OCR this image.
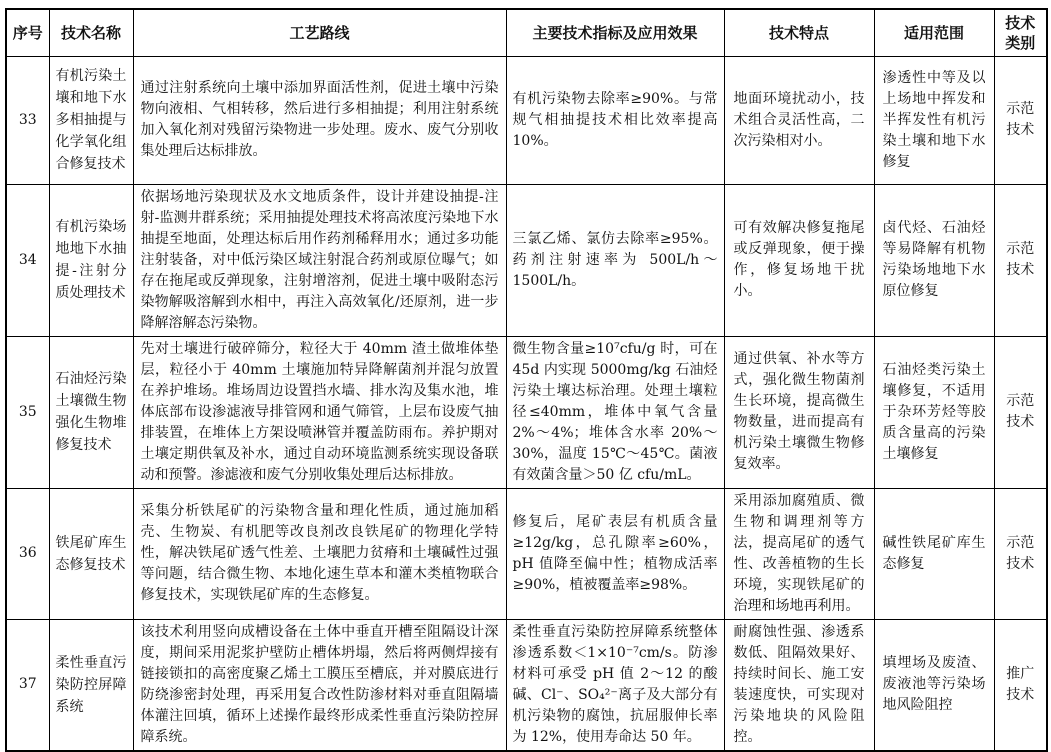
序号	技术名称	工艺路线	主要技术指标及应用效果	技术特点	适用范围	技术类别
33	有机污染土壤和地下水多相抽提与化学氧化组合修复技术	通过注射系统向土壤中添加界面活性剂，促进土壤中污染物向液相、气相转移，然后进行多相抽提；利用注射系统加入氧化剂对残留污染物进一步处理。废水、废气分别收集处理后达标排放。	有机污染物去除率≥90%。与常规气相抽提技术相比效率提高 10%。	地面环境扰动小，技术组合灵活性高，二次污染相对小。	渗透性中等及以上场地中挥发和半挥发性有机污染土壤和地下水修复	示范技术
34	有机污染场地地下水抽提-注射分质处理技术	依据场地污染现状及水文地质条件，设计并建设抽提-注射-监测井群系统；采用抽提处理技术将高浓度污染地下水抽提至地面，处理达标后用作药剂稀释用水；通过多功能注射装备，对中低污染区域注射混合药剂或原位曝气；如存在拖尾或反弹现象，注射增溶剂，促进土壤中吸附态污染物解吸溶解到水相中，再注入高效氧化/还原剂，进一步降解溶解态污染物。	三氯乙烯、氯仿去除率≥95%。药剂注射速率为 500L/h～1500L/h。	可有效解决修复拖尾或反弹现象，便于操作，修复场地干扰小。	卤代烃、石油烃等易降解有机物污染场地地下水原位修复	示范技术
35	石油烃污染土壤微生物强化生物堆修复技术	先对土壤进行破碎筛分，粒径大于 40mm 渣土做堆体垫层，粒径小于 40mm 土壤施加特异降解菌剂并混匀放置在养护堆场。堆场周边设置挡水墙、排水沟及集水池，堆体底部布设渗滤液导排管网和通气筛管，上层布设废气抽排装置，在堆体上方架设喷淋管并覆盖防雨布。养护期对土壤定期供氧及补水，通过自动环境监测系统实现设备联动和预警。渗滤液和废气分别收集处理后达标排放。	微生物含量≥10⁷cfu/g 时，可在 45d 内实现 5000mg/kg 石油烃污染土壤达标治理。处理土壤粒径≤40mm，堆体中氧气含量 2%～4%；堆体含水率 20%～30%，温度 15℃～45℃。菌液有效菌含量＞50 亿 cfu/mL。	通过供氧、补水等方式，强化微生物菌剂生长环境，提高微生物数量，进而提高有机污染土壤微生物修复效率。	石油烃类污染土壤修复，不适用于杂环芳烃等胶质含量高的污染土壤修复	示范技术
36	铁尾矿库生态修复技术	采集分析铁尾矿的污染物含量和理化性质，通过施加稻壳、生物炭、有机肥等改良剂改良铁尾矿的物理化学特性，解决铁尾矿透气性差、土壤肥力贫瘠和土壤碱性过强等问题，结合微生物、本地化速生草本和灌木类植物联合修复技术，实现铁尾矿库的生态修复。	修复后，尾矿表层有机质含量≥12g/kg，总孔隙率≥60%，pH 值降至偏中性；植物成活率≥90%，植被覆盖率≥98%。	采用添加腐殖质、微生物和调理剂等方法，提高尾矿的透气性、改善植物的生长环境，实现铁尾矿的治理和场地再利用。	碱性铁尾矿库生态修复	示范技术
37	柔性垂直污染防控屏障系统	该技术利用竖向成槽设备在土体中垂直开槽至阻隔设计深度，期间采用泥浆护壁防止槽体坍塌，然后将两侧焊接有链接锁扣的高密度聚乙烯土工膜压至槽底，并对膜底进行防绕渗密封处理，再采用复合改性防渗材料对垂直阻隔墙体灌注回填，循环上述操作最终形成柔性垂直污染防控屏障系统。	柔性垂直污染防控屏障系统整体渗透系数＜1×10⁻⁷cm/s。防渗材料可承受 pH 值 2～12 的酸碱、Cl⁻、SO₄²⁻离子及大部分有机污染物的腐蚀，抗屈服伸长率为 12%，使用寿命达 50 年。	耐腐蚀性强、渗透系数低、阻隔效果好、持续时间长、施工安装速度快，可实现对污染地块的风险阻控。	填埋场及废渣、废液池等污染场地风险阻控	推广技术
